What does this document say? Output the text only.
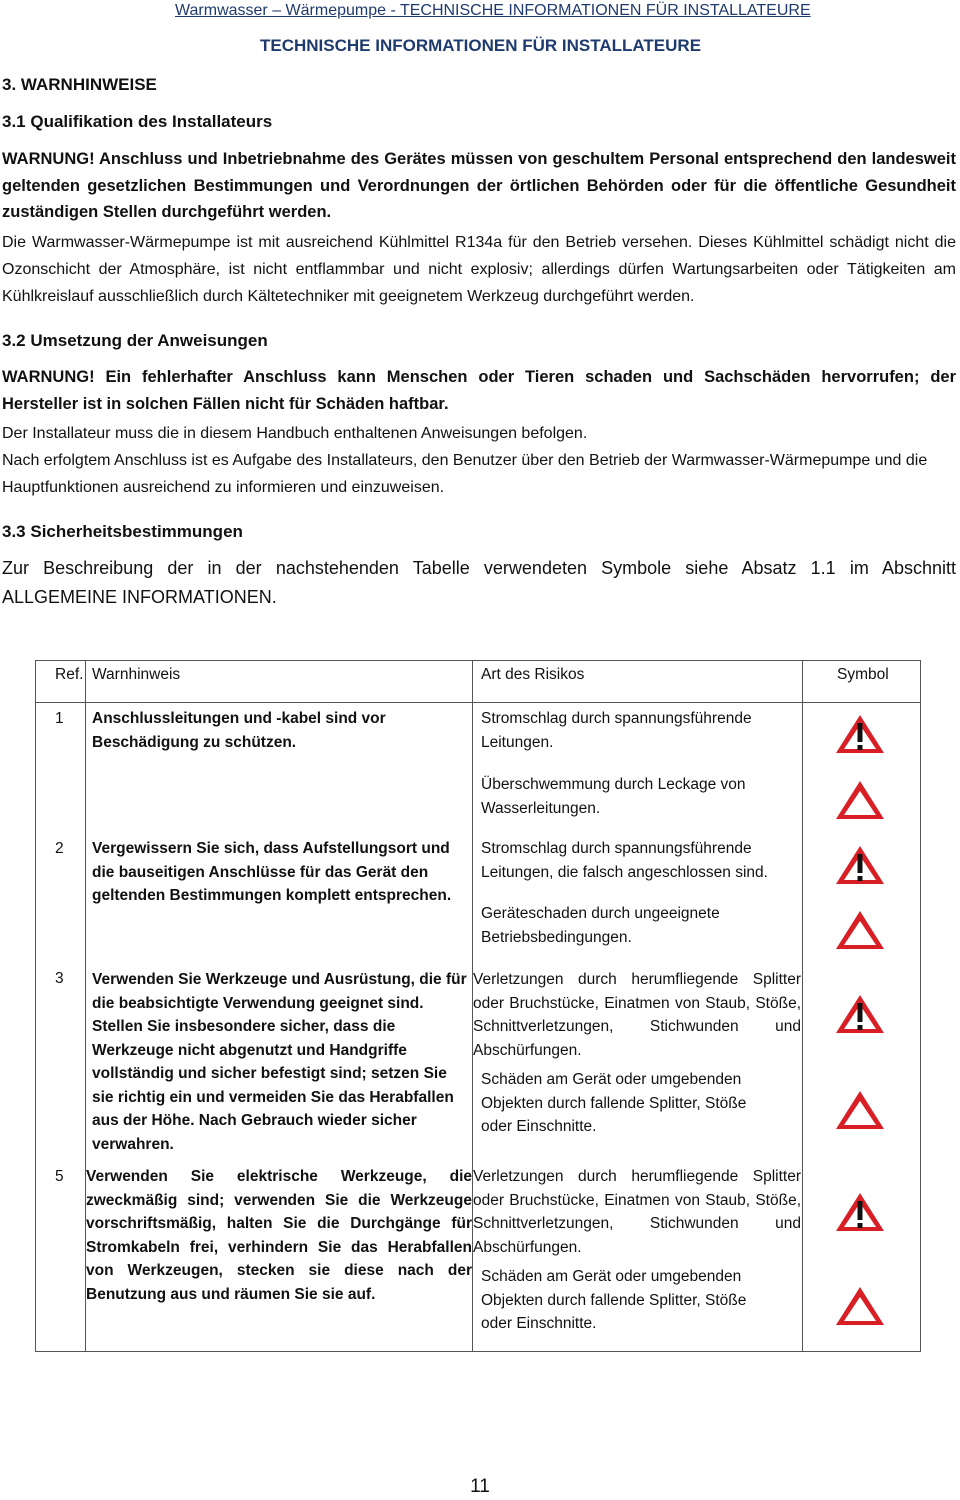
Warmwasser – Wärmepumpe - TECHNISCHE INFORMATIONEN FÜR INSTALLATEURE
TECHNISCHE INFORMATIONEN FÜR INSTALLATEURE
3. WARNHINWEISE
3.1 Qualifikation des Installateurs
WARNUNG! Anschluss und Inbetriebnahme des Gerätes müssen von geschultem Personal entsprechend den landesweit geltenden gesetzlichen Bestimmungen und Verordnungen der örtlichen Behörden oder für die öffentliche Gesundheit zuständigen Stellen durchgeführt werden.
Die Warmwasser-Wärmepumpe ist mit ausreichend Kühlmittel R134a für den Betrieb versehen. Dieses Kühlmittel schädigt nicht die Ozonschicht der Atmosphäre, ist nicht entflammbar und nicht explosiv; allerdings dürfen Wartungsarbeiten oder Tätigkeiten am Kühlkreislauf ausschließlich durch Kältetechniker mit geeignetem Werkzeug durchgeführt werden.
3.2 Umsetzung der Anweisungen
WARNUNG! Ein fehlerhafter Anschluss kann Menschen oder Tieren schaden und Sachschäden hervorrufen; der Hersteller ist in solchen Fällen nicht für Schäden haftbar.
Der Installateur muss die in diesem Handbuch enthaltenen Anweisungen befolgen.
Nach erfolgtem Anschluss ist es Aufgabe des Installateurs, den Benutzer über den Betrieb der Warmwasser-Wärmepumpe und die Hauptfunktionen ausreichend zu informieren und einzuweisen.
3.3 Sicherheitsbestimmungen
Zur Beschreibung der in der nachstehenden Tabelle verwendeten Symbole siehe Absatz 1.1 im Abschnitt ALLGEMEINE INFORMATIONEN.
Ref. Warnhinweis	Art des Risikos	Symbol
1 Anschlussleitungen und -kabel sind vor Beschädigung zu schützen.
Stromschlag durch spannungsführende Leitungen.
Überschwemmung durch Leckage von Wasserleitungen.
2 Vergewissern Sie sich, dass Aufstellungsort und die bauseitigen Anschlüsse für das Gerät den geltenden Bestimmungen komplett entsprechen.
Stromschlag durch spannungsführende Leitungen, die falsch angeschlossen sind.
Geräteschaden durch ungeeignete Betriebsbedingungen.
3 Verwenden Sie Werkzeuge und Ausrüstung, die für die beabsichtigte Verwendung geeignet sind. Stellen Sie insbesondere sicher, dass die Werkzeuge nicht abgenutzt und Handgriffe vollständig und sicher befestigt sind; setzen Sie sie richtig ein und vermeiden Sie das Herabfallen aus der Höhe. Nach Gebrauch wieder sicher verwahren.
Verletzungen durch herumfliegende Splitter oder Bruchstücke, Einatmen von Staub, Stöße, Schnittverletzungen, Stichwunden und Abschürfungen.
Schäden am Gerät oder umgebenden Objekten durch fallende Splitter, Stöße oder Einschnitte.
5 Verwenden Sie elektrische Werkzeuge, die zweckmäßig sind; verwenden Sie die Werkzeuge vorschriftsmäßig, halten Sie die Durchgänge für Stromkabeln frei, verhindern Sie das Herabfallen von Werkzeugen, stecken sie diese nach der Benutzung aus und räumen Sie sie auf.
Verletzungen durch herumfliegende Splitter oder Bruchstücke, Einatmen von Staub, Stöße, Schnittverletzungen, Stichwunden und Abschürfungen.
Schäden am Gerät oder umgebenden Objekten durch fallende Splitter, Stöße oder Einschnitte.
11
